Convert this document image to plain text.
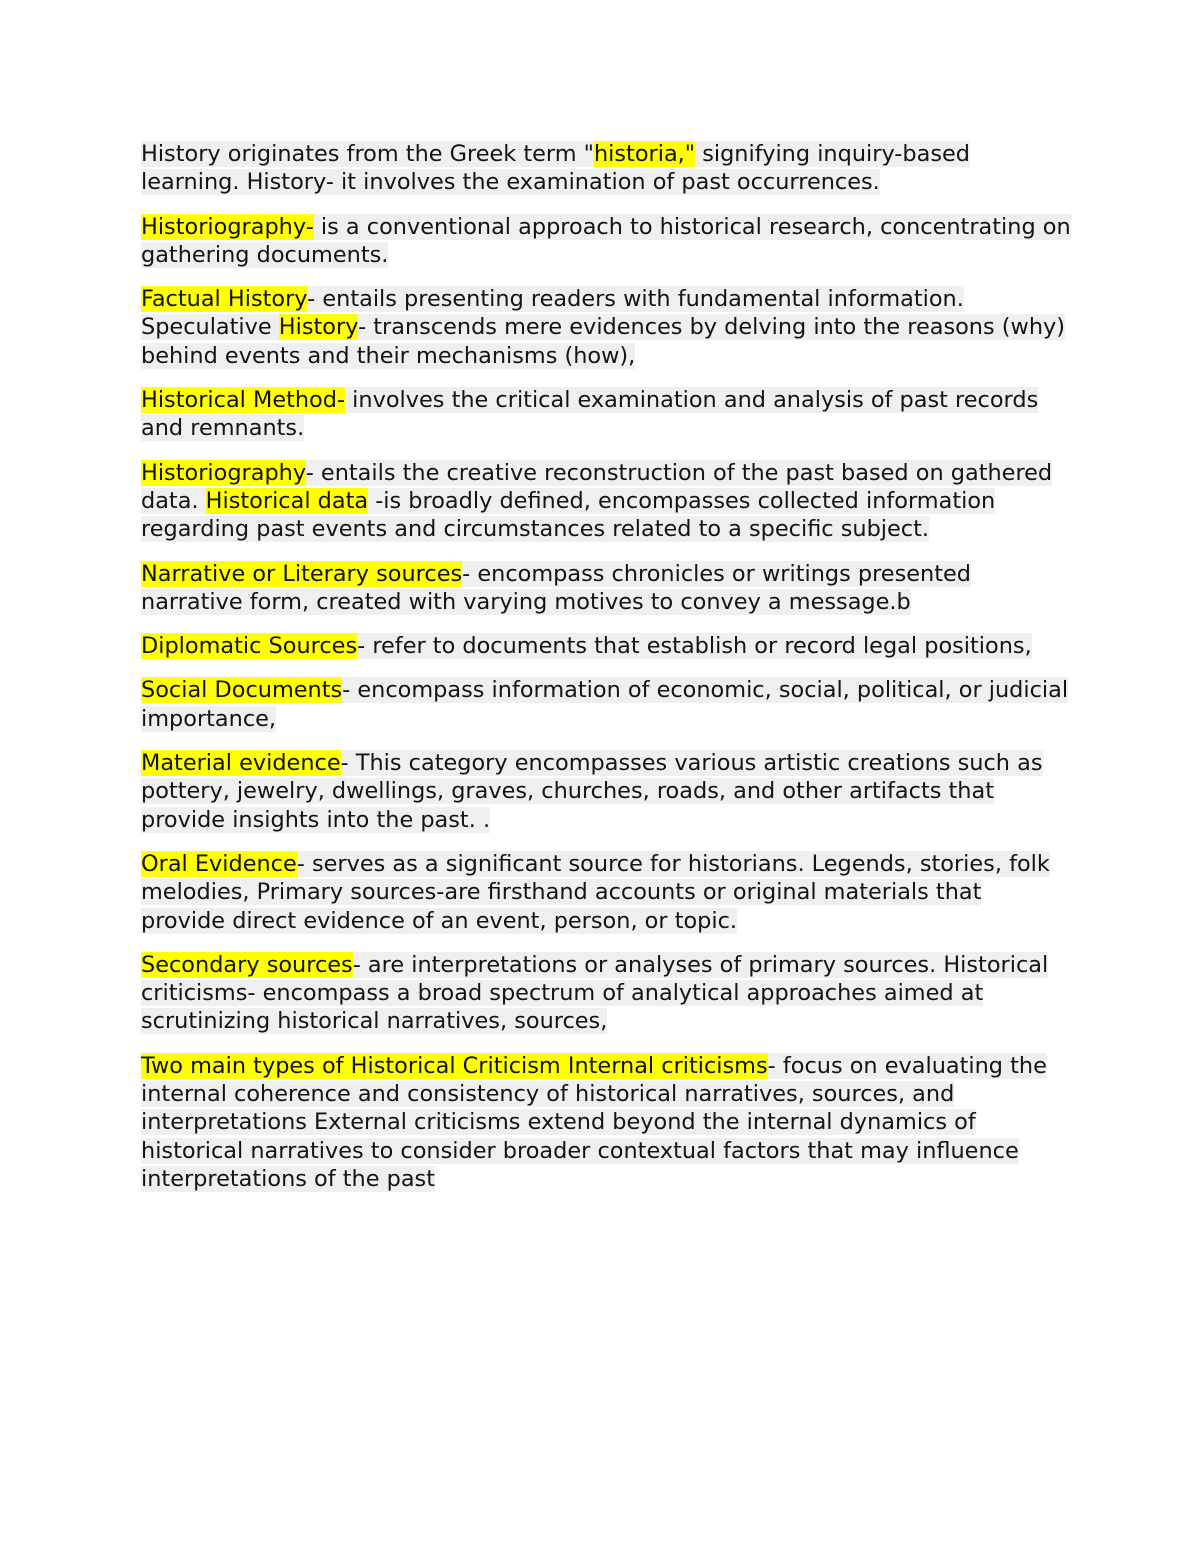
History originates from the Greek term "historia," signifying inquiry-based learning. History- it involves the examination of past occurrences.

Historiography- is a conventional approach to historical research, concentrating on gathering documents.

Factual History- entails presenting readers with fundamental information. Speculative History- transcends mere evidences by delving into the reasons (why) behind events and their mechanisms (how),

Historical Method- involves the critical examination and analysis of past records and remnants.

Historiography- entails the creative reconstruction of the past based on gathered data. Historical data -is broadly defined, encompasses collected information regarding past events and circumstances related to a specific subject.

Narrative or Literary sources- encompass chronicles or writings presented narrative form, created with varying motives to convey a message.b

Diplomatic Sources- refer to documents that establish or record legal positions,

Social Documents- encompass information of economic, social, political, or judicial importance,

Material evidence- This category encompasses various artistic creations such as pottery, jewelry, dwellings, graves, churches, roads, and other artifacts that provide insights into the past. .

Oral Evidence- serves as a significant source for historians. Legends, stories, folk melodies, Primary sources-are firsthand accounts or original materials that provide direct evidence of an event, person, or topic.

Secondary sources- are interpretations or analyses of primary sources. Historical criticisms- encompass a broad spectrum of analytical approaches aimed at scrutinizing historical narratives, sources,

Two main types of Historical Criticism Internal criticisms- focus on evaluating the internal coherence and consistency of historical narratives, sources, and interpretations External criticisms extend beyond the internal dynamics of historical narratives to consider broader contextual factors that may influence interpretations of the past
